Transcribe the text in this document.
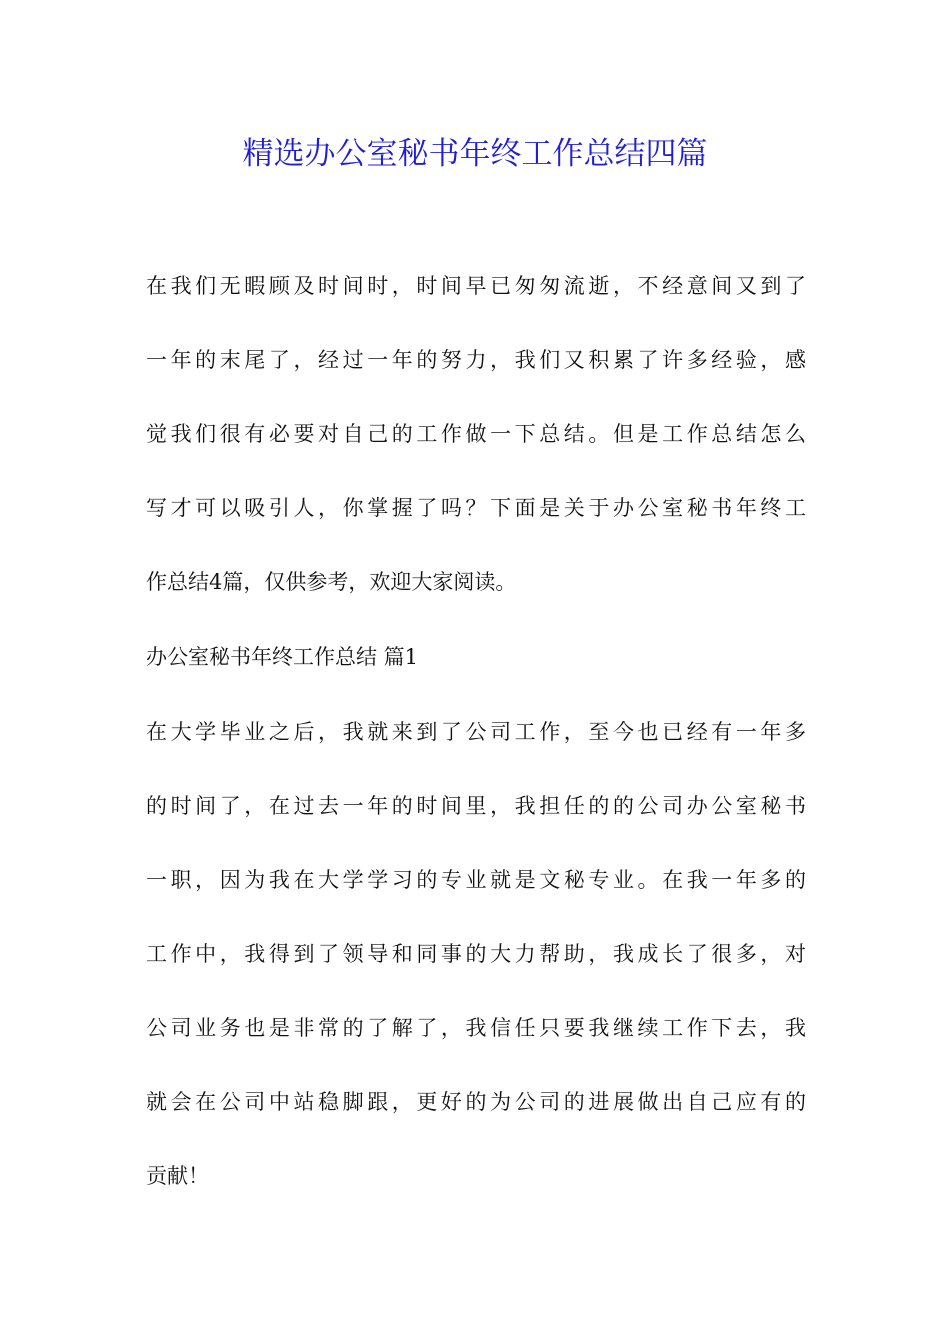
精选办公室秘书年终工作总结四篇
在我们无暇顾及时间时，时间早已匆匆流逝，不经意间又到了
一年的末尾了，经过一年的努力，我们又积累了许多经验，感
觉我们很有必要对自己的工作做一下总结。但是工作总结怎么
写才可以吸引人，你掌握了吗？下面是关于办公室秘书年终工
作总结4篇，仅供参考，欢迎大家阅读。
办公室秘书年终工作总结 篇1
在大学毕业之后，我就来到了公司工作，至今也已经有一年多
的时间了，在过去一年的时间里，我担任的的公司办公室秘书
一职，因为我在大学学习的专业就是文秘专业。在我一年多的
工作中，我得到了领导和同事的大力帮助，我成长了很多，对
公司业务也是非常的了解了，我信任只要我继续工作下去，我
就会在公司中站稳脚跟，更好的为公司的进展做出自己应有的
贡献！
